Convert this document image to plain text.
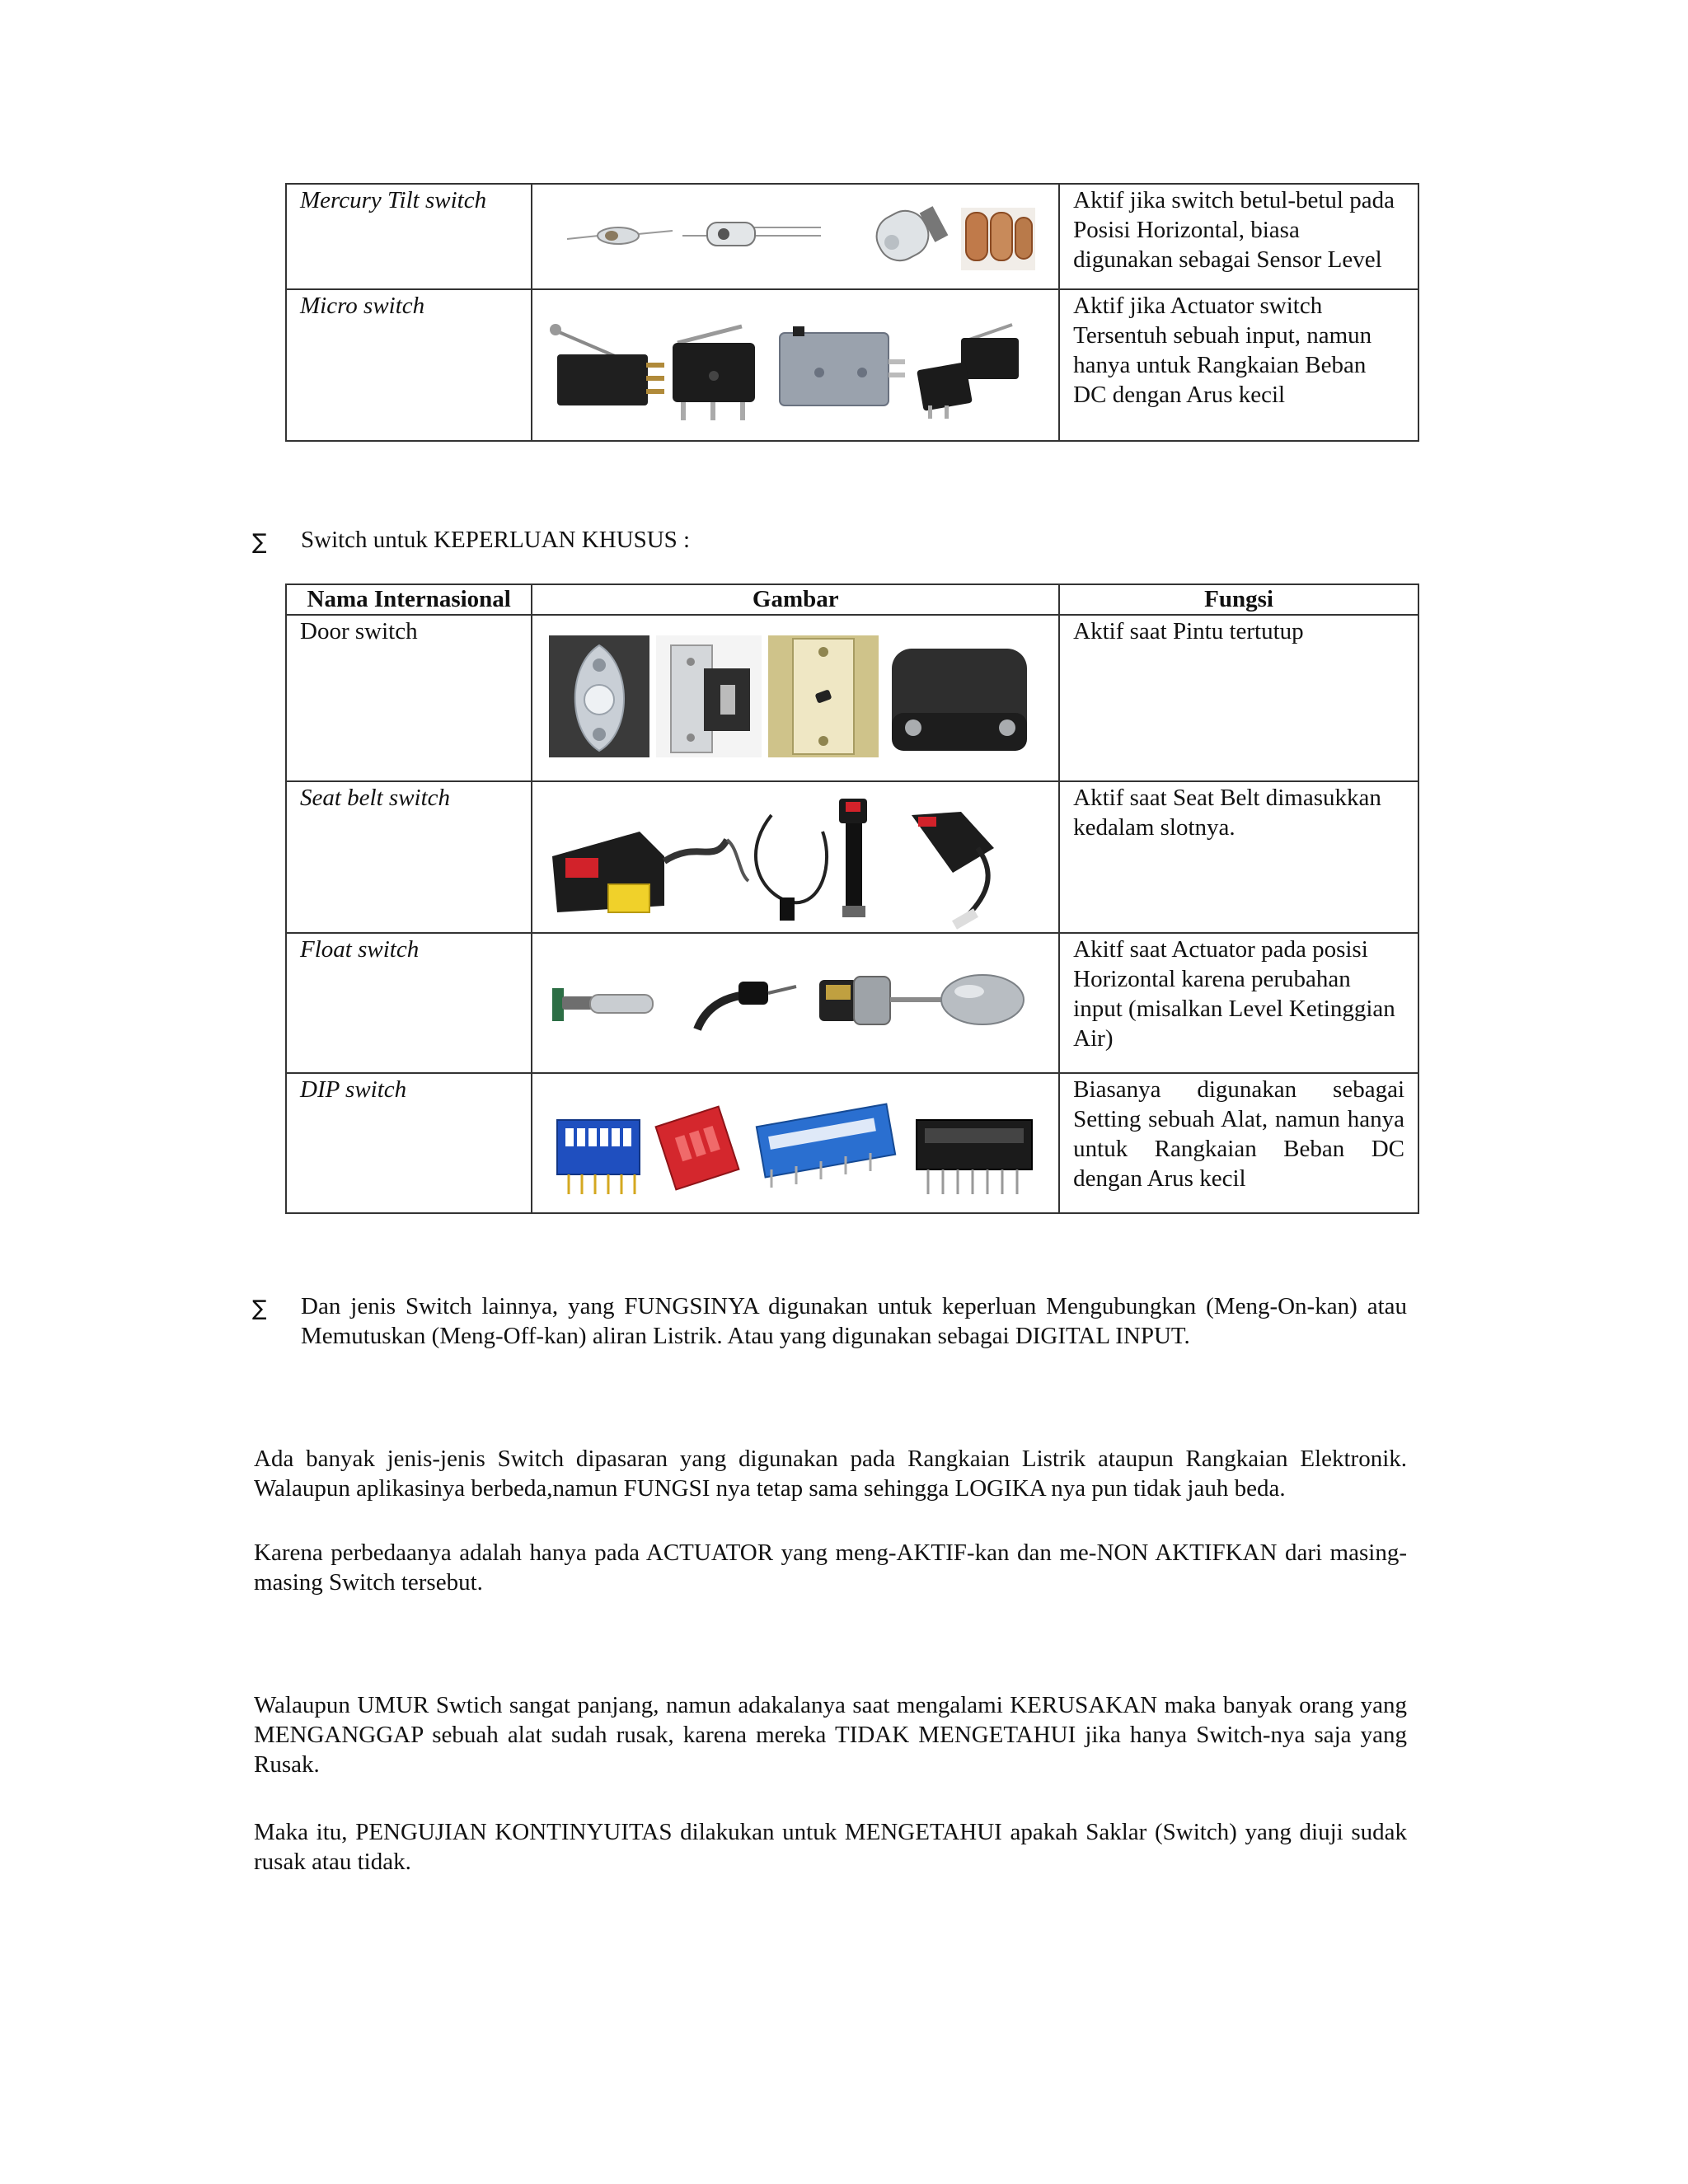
Mercury Tilt switch		Aktif jika switch betul-betul pada Posisi Horizontal, biasa digunakan sebagai Sensor Level
Micro switch		Aktif jika Actuator switch Tersentuh sebuah input, namun hanya untuk Rangkaian Beban DC dengan Arus kecil
∑ Switch untuk KEPERLUAN KHUSUS :
Nama Internasional	Gambar	Fungsi
Door switch		Aktif saat Pintu tertutup
Seat belt switch		Aktif saat Seat Belt dimasukkan kedalam slotnya.
Float switch		Akitf saat Actuator pada posisi Horizontal karena perubahan input (misalkan Level Ketinggian Air)
DIP switch		Biasanya digunakan sebagai Setting sebuah Alat, namun hanya untuk Rangkaian Beban DC dengan Arus kecil
∑ Dan jenis Switch lainnya, yang FUNGSINYA digunakan untuk keperluan Mengubungkan (Meng-On-kan) atau Memutuskan (Meng-Off-kan) aliran Listrik. Atau yang digunakan sebagai DIGITAL INPUT.

Ada banyak jenis-jenis Switch dipasaran yang digunakan pada Rangkaian Listrik ataupun Rangkaian Elektronik. Walaupun aplikasinya berbeda,namun FUNGSI nya tetap sama sehingga LOGIKA nya pun tidak jauh beda.

Karena perbedaanya adalah hanya pada ACTUATOR yang meng-AKTIF-kan dan me-NON AKTIFKAN dari masing-masing Switch tersebut.

Walaupun UMUR Swtich sangat panjang, namun adakalanya saat mengalami KERUSAKAN maka banyak orang yang MENGANGGAP sebuah alat sudah rusak, karena mereka TIDAK MENGETAHUI jika hanya Switch-nya saja yang Rusak.

Maka itu, PENGUJIAN KONTINYUITAS dilakukan untuk MENGETAHUI apakah Saklar (Switch) yang diuji sudak rusak atau tidak.
